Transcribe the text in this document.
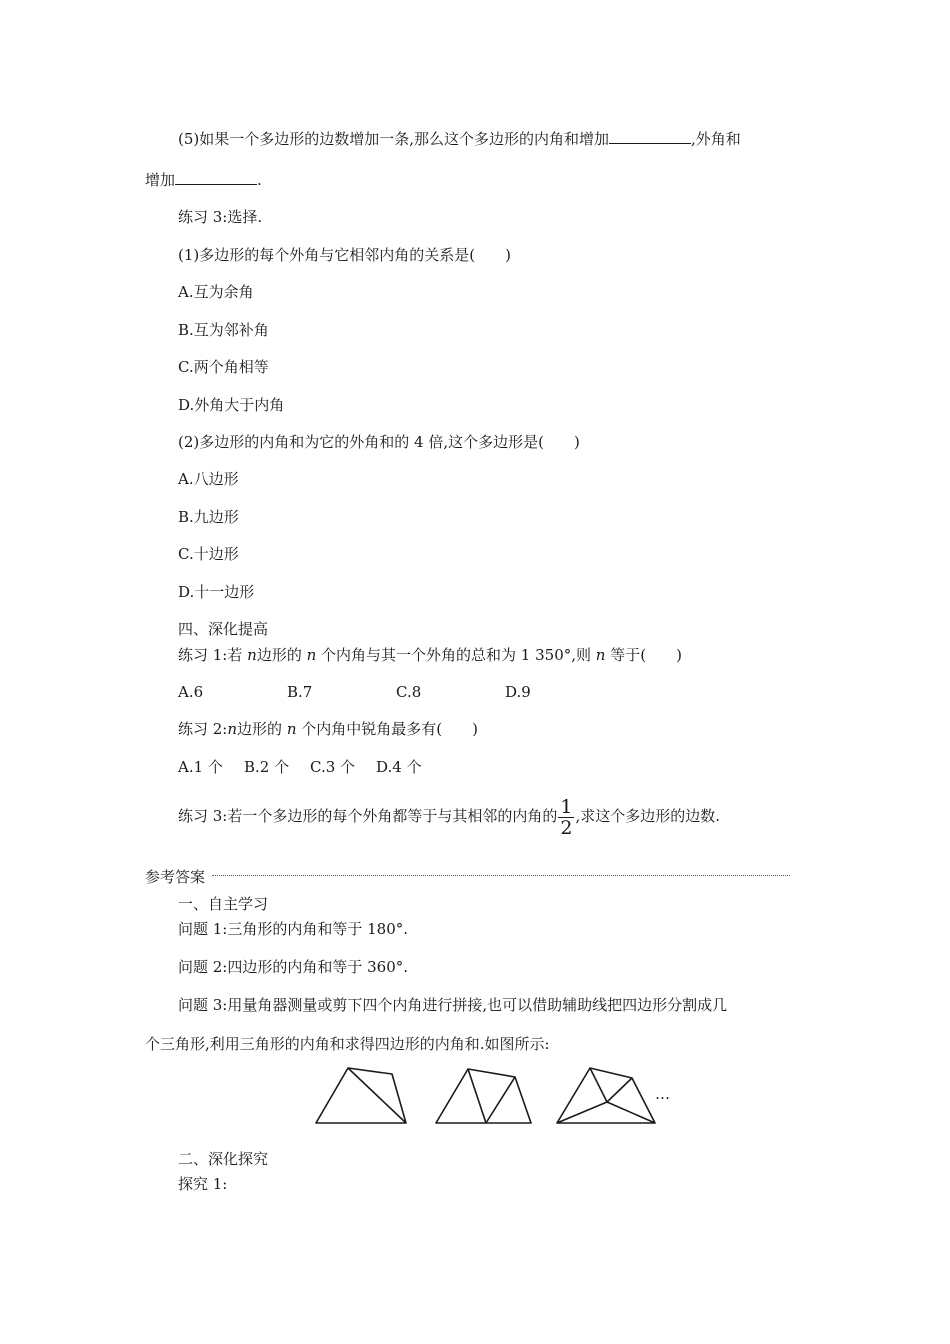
(5)如果一个多边形的边数增加一条,那么这个多边形的内角和增加	,外角和
增加	.
练习 3:选择.
(1)多边形的每个外角与它相邻内角的关系是(　　)
A.互为余角
B.互为邻补角
C.两个角相等
D.外角大于内角
(2)多边形的内角和为它的外角和的 4 倍,这个多边形是(　　)
A.八边形
B.九边形
C.十边形
D.十一边形
四、深化提高
练习 1:若 n边形的 n 个内角与其一个外角的总和为 1 350°,则 n 等于(　　)
A.6	B.7	C.8	D.9
练习 2:n边形的 n 个内角中锐角最多有(　　)
A.1 个 B.2 个 C.3 个 D.4 个
练习 3:若一个多边形的每个外角都等于与其相邻的内角的 $\frac{1}{2}$ ,求这个多边形的边数.
参考答案
一、自主学习
问题 1:三角形的内角和等于 180°.
问题 2:四边形的内角和等于 360°.
问题 3:用量角器测量或剪下四个内角进行拼接,也可以借助辅助线把四边形分割成几
个三角形,利用三角形的内角和求得四边形的内角和.如图所示:
…
二、深化探究
探究 1:
